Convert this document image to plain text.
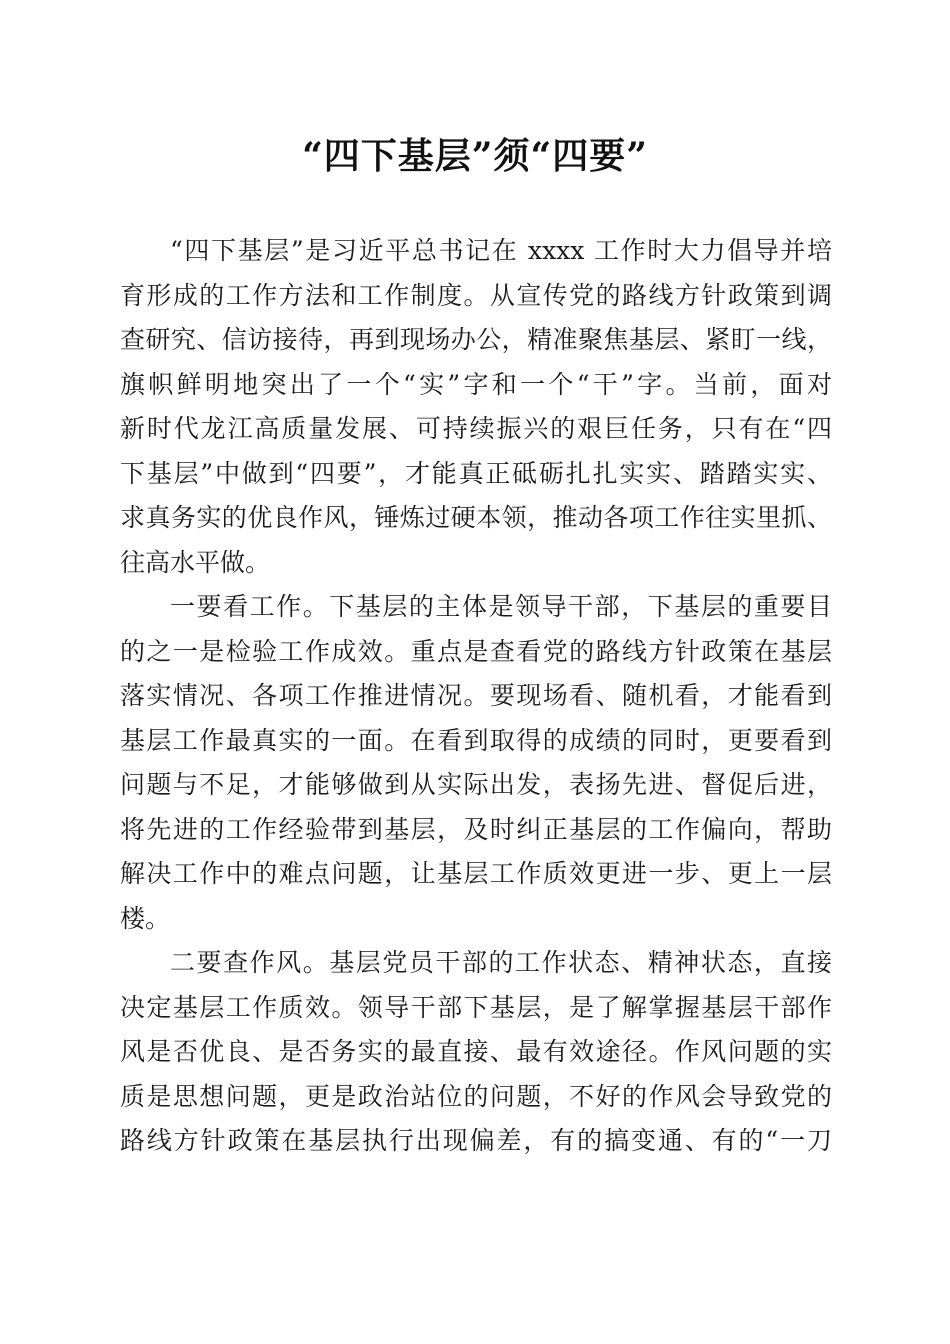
“四下基层”须“四要”
“四下基层”是习近平总书记在 xxxx 工作时大力倡导并培
育形成的工作方法和工作制度。从宣传党的路线方针政策到调
查研究、信访接待，再到现场办公，精准聚焦基层、紧盯一线，
旗帜鲜明地突出了一个“实”字和一个“干”字。当前，面对
新时代龙江高质量发展、可持续振兴的艰巨任务，只有在“四
下基层”中做到“四要”，才能真正砥砺扎扎实实、踏踏实实、
求真务实的优良作风，锤炼过硬本领，推动各项工作往实里抓、
往高水平做。
一要看工作。下基层的主体是领导干部，下基层的重要目
的之一是检验工作成效。重点是查看党的路线方针政策在基层
落实情况、各项工作推进情况。要现场看、随机看，才能看到
基层工作最真实的一面。在看到取得的成绩的同时，更要看到
问题与不足，才能够做到从实际出发，表扬先进、督促后进，
将先进的工作经验带到基层，及时纠正基层的工作偏向，帮助
解决工作中的难点问题，让基层工作质效更进一步、更上一层
楼。
二要查作风。基层党员干部的工作状态、精神状态，直接
决定基层工作质效。领导干部下基层，是了解掌握基层干部作
风是否优良、是否务实的最直接、最有效途径。作风问题的实
质是思想问题，更是政治站位的问题，不好的作风会导致党的
路线方针政策在基层执行出现偏差，有的搞变通、有的“一刀
